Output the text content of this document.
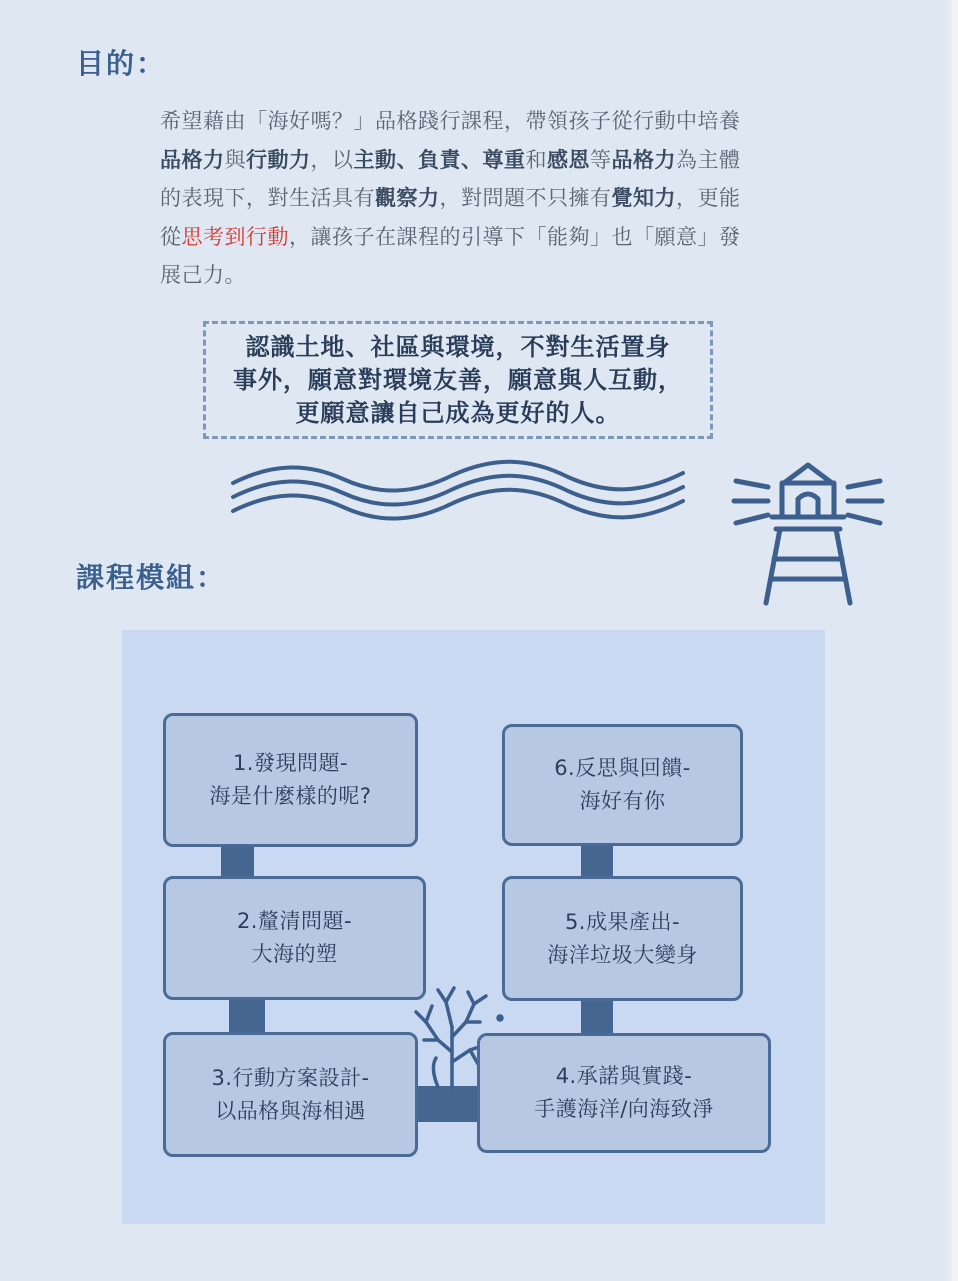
目的：

希望藉由「海好嗎？」品格踐行課程，帶領孩子從行動中培養品格力與行動力，以主動、負責、尊重和感恩等品格力為主體的表現下，對生活具有觀察力，對問題不只擁有覺知力，更能從思考到行動，讓孩子在課程的引導下「能夠」也「願意」發展己力。

認識土地、社區與環境，不對生活置身
事外，願意對環境友善，願意與人互動，
更願意讓自己成為更好的人。

課程模組：
1.發現問題-
海是什麼樣的呢?
2.釐清問題-
大海的塑
3.行動方案設計-
以品格與海相遇
4.承諾與實踐-
手護海洋/向海致淨
5.成果產出-
海洋垃圾大變身
6.反思與回饋-
海好有你
